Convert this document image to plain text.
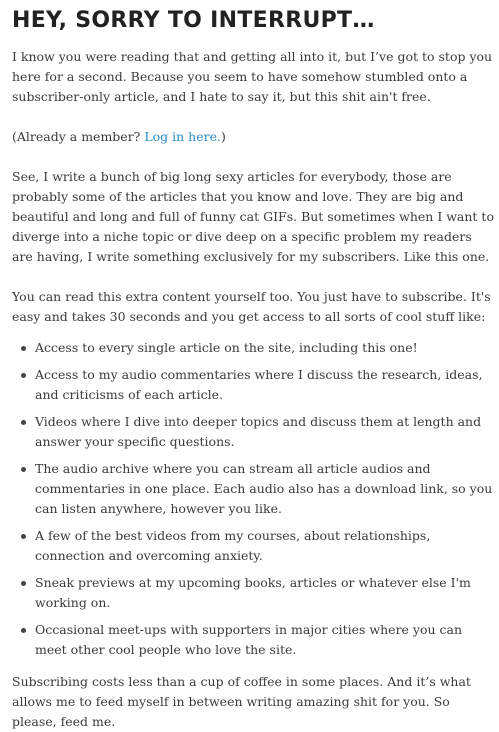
HEY, SORRY TO INTERRUPT…

I know you were reading that and getting all into it, but I’ve got to stop you here for a second. Because you seem to have somehow stumbled onto a subscriber-only article, and I hate to say it, but this shit ain't free.

(Already a member? Log in here.)

See, I write a bunch of big long sexy articles for everybody, those are probably some of the articles that you know and love. They are big and beautiful and long and full of funny cat GIFs. But sometimes when I want to diverge into a niche topic or dive deep on a specific problem my readers are having, I write something exclusively for my subscribers. Like this one.

You can read this extra content yourself too. You just have to subscribe. It's easy and takes 30 seconds and you get access to all sorts of cool stuff like:

Access to every single article on the site, including this one!
Access to my audio commentaries where I discuss the research, ideas, and criticisms of each article.
Videos where I dive into deeper topics and discuss them at length and answer your specific questions.
The audio archive where you can stream all article audios and commentaries in one place. Each audio also has a download link, so you can listen anywhere, however you like.
A few of the best videos from my courses, about relationships, connection and overcoming anxiety.
Sneak previews at my upcoming books, articles or whatever else I'm working on.
Occasional meet-ups with supporters in major cities where you can meet other cool people who love the site.

Subscribing costs less than a cup of coffee in some places. And it’s what allows me to feed myself in between writing amazing shit for you. So please, feed me.
